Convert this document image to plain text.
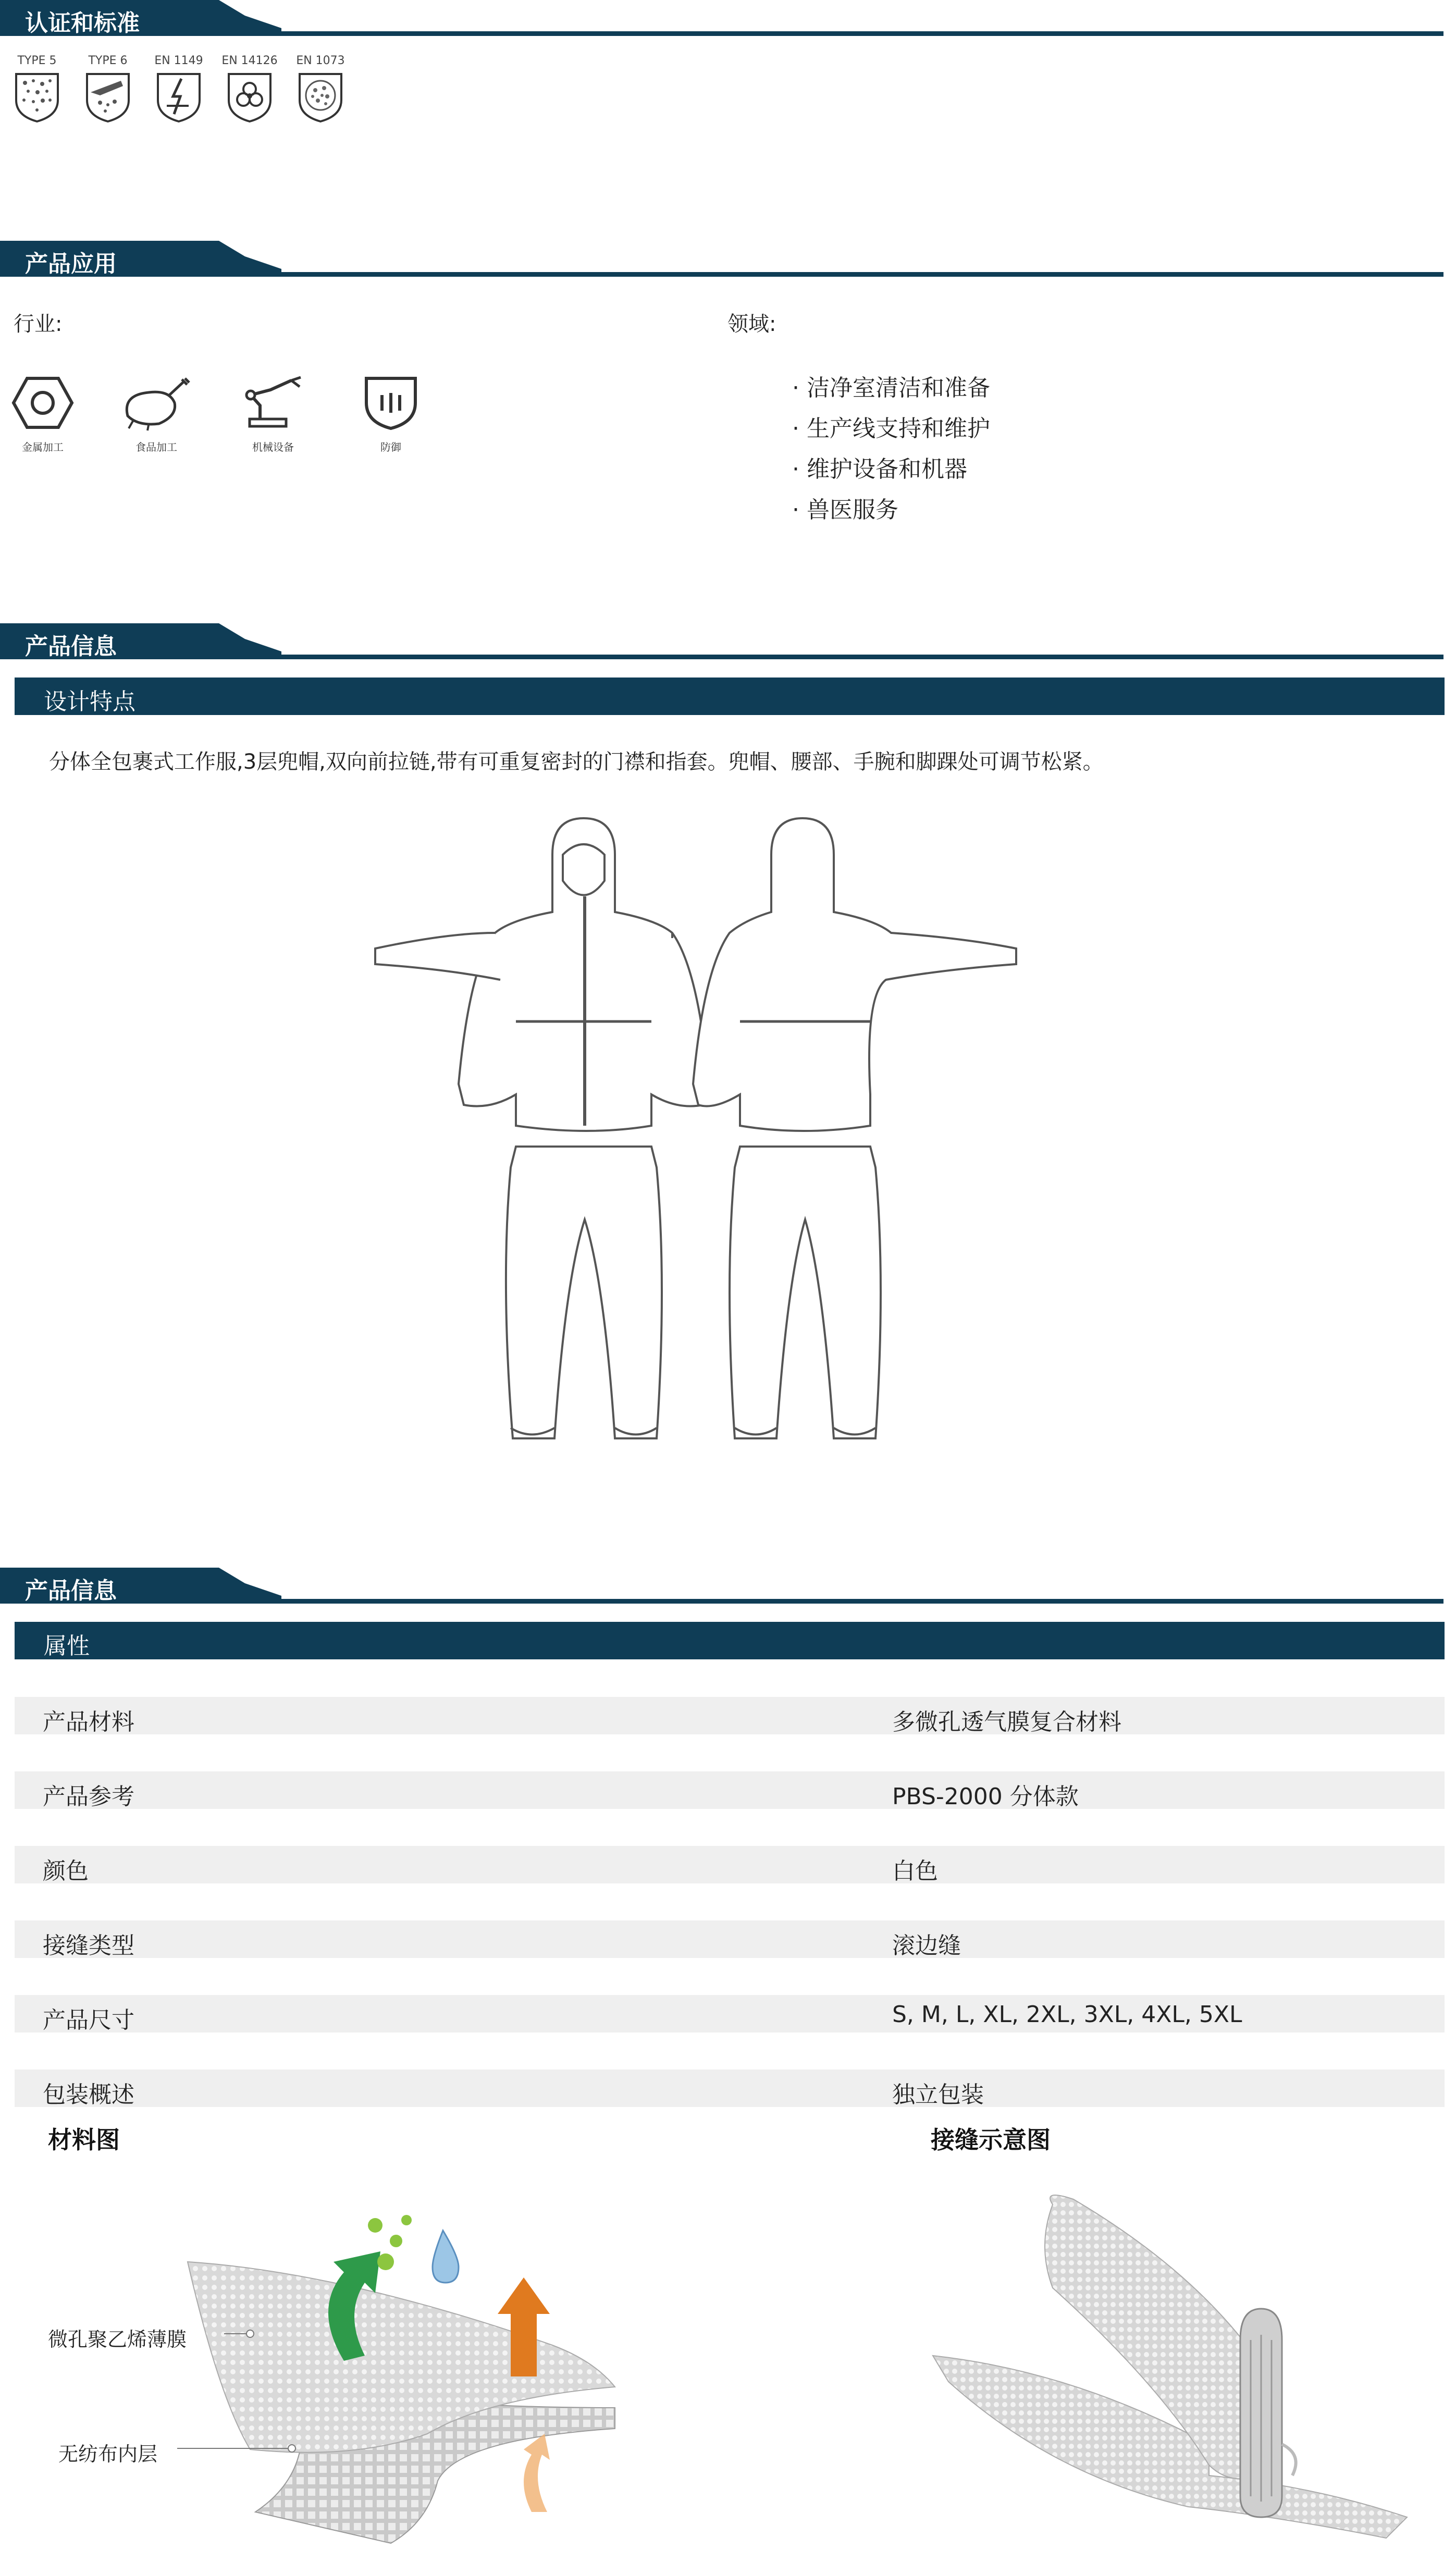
认证和标准
TYPE 5	TYPE 6	EN 1149	EN 14126	EN 1073
产品应用
行业:	领域:
金属加工	食品加工	机械设备	防御
· 洁净室清洁和准备
· 生产线支持和维护
· 维护设备和机器
· 兽医服务
产品信息
设计特点
分体全包裹式工作服,3层兜帽,双向前拉链,带有可重复密封的门襟和指套。兜帽、腰部、手腕和脚踝处可调节松紧。
产品信息
属性
产品材料	多微孔透气膜复合材料
产品参考	PBS-2000 分体款
颜色	白色
接缝类型	滚边缝
产品尺寸	S, M, L, XL, 2XL, 3XL, 4XL, 5XL
包装概述	独立包装
材料图	接缝示意图
微孔聚乙烯薄膜
无纺布内层
